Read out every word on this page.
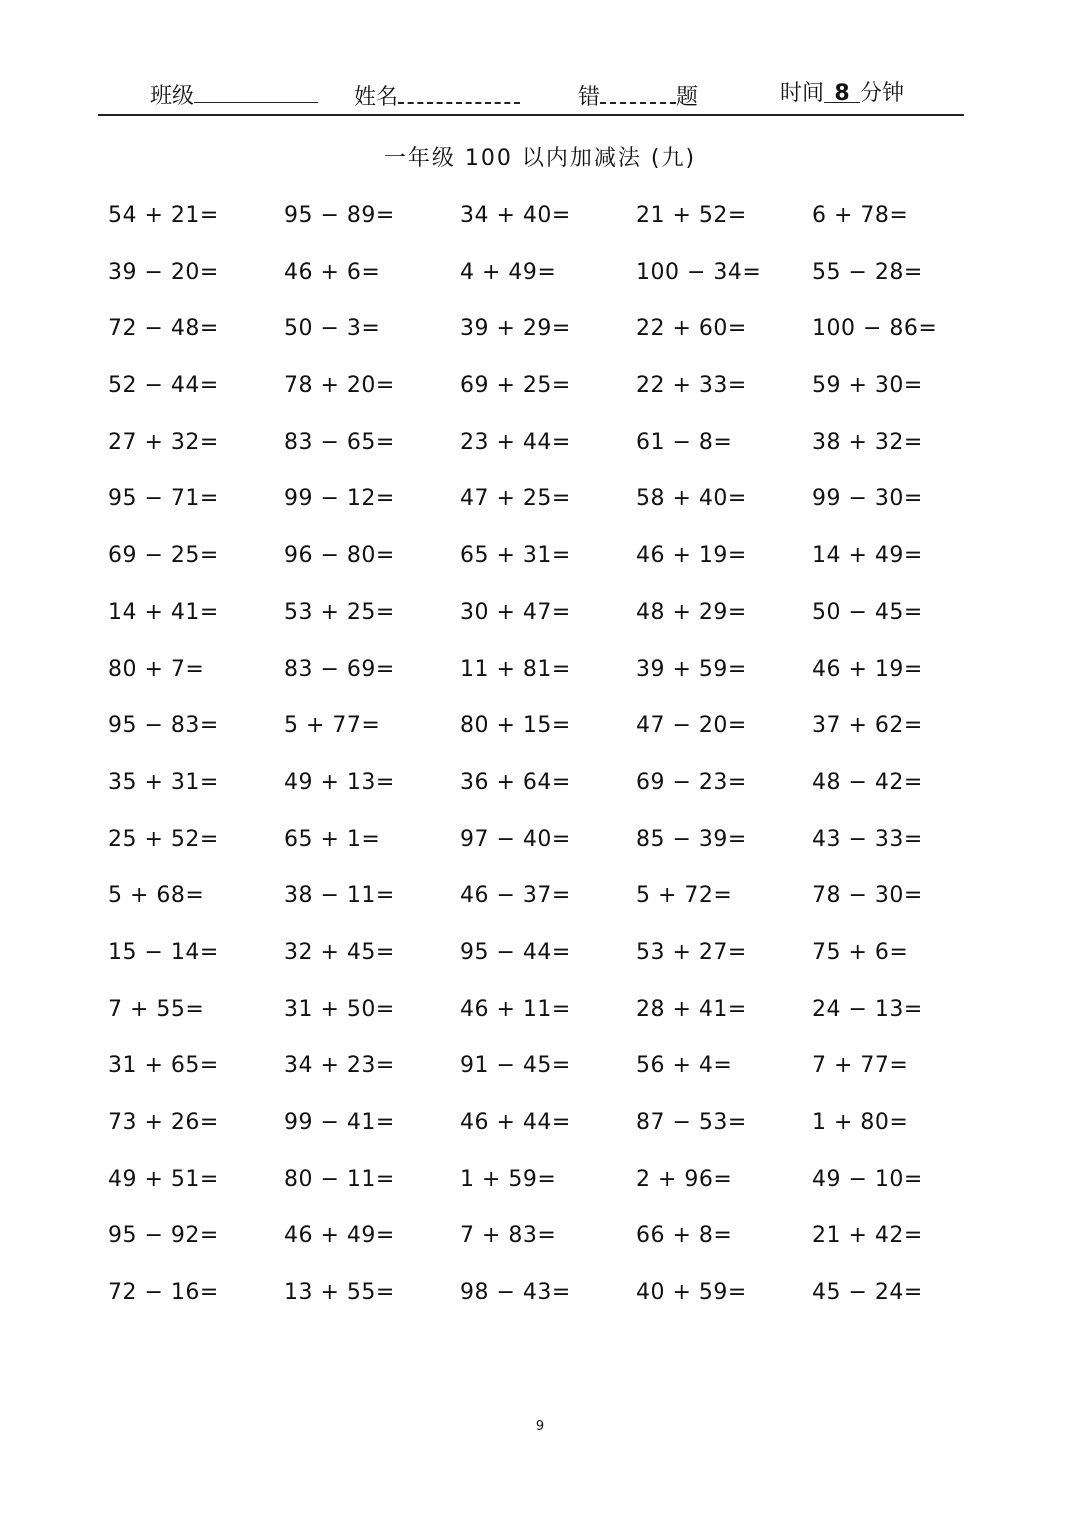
班级	姓名	错	题	时间 8 分钟
一年级 100 以内加减法 (九)
54 + 21=	95 − 89=	34 + 40=	21 + 52=	6 + 78=
39 − 20=	46 + 6=	4 + 49=	100 − 34=	55 − 28=
72 − 48=	50 − 3=	39 + 29=	22 + 60=	100 − 86=
52 − 44=	78 + 20=	69 + 25=	22 + 33=	59 + 30=
27 + 32=	83 − 65=	23 + 44=	61 − 8=	38 + 32=
95 − 71=	99 − 12=	47 + 25=	58 + 40=	99 − 30=
69 − 25=	96 − 80=	65 + 31=	46 + 19=	14 + 49=
14 + 41=	53 + 25=	30 + 47=	48 + 29=	50 − 45=
80 + 7=	83 − 69=	11 + 81=	39 + 59=	46 + 19=
95 − 83=	5 + 77=	80 + 15=	47 − 20=	37 + 62=
35 + 31=	49 + 13=	36 + 64=	69 − 23=	48 − 42=
25 + 52=	65 + 1=	97 − 40=	85 − 39=	43 − 33=
5 + 68=	38 − 11=	46 − 37=	5 + 72=	78 − 30=
15 − 14=	32 + 45=	95 − 44=	53 + 27=	75 + 6=
7 + 55=	31 + 50=	46 + 11=	28 + 41=	24 − 13=
31 + 65=	34 + 23=	91 − 45=	56 + 4=	7 + 77=
73 + 26=	99 − 41=	46 + 44=	87 − 53=	1 + 80=
49 + 51=	80 − 11=	1 + 59=	2 + 96=	49 − 10=
95 − 92=	46 + 49=	7 + 83=	66 + 8=	21 + 42=
72 − 16=	13 + 55=	98 − 43=	40 + 59=	45 − 24=
9
